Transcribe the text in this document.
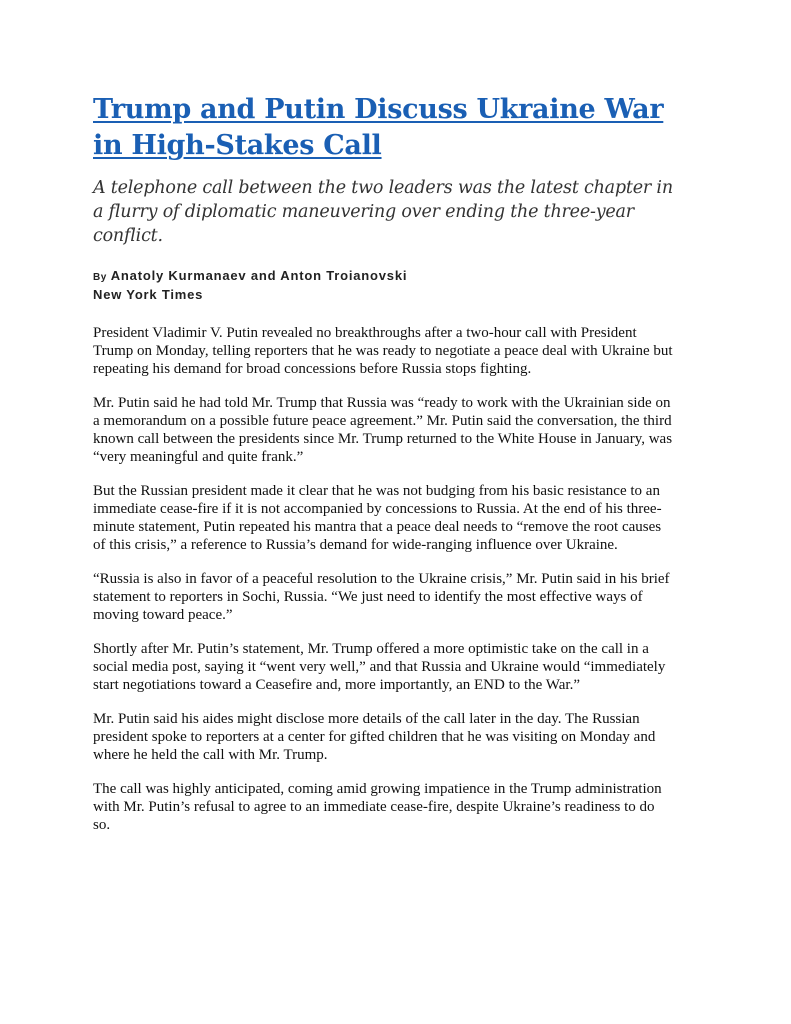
Trump and Putin Discuss Ukraine War in High-Stakes Call

A telephone call between the two leaders was the latest chapter in a flurry of diplomatic maneuvering over ending the three-year conflict.

By Anatoly Kurmanaev and Anton Troianovski
New York Times

President Vladimir V. Putin revealed no breakthroughs after a two-hour call with President Trump on Monday, telling reporters that he was ready to negotiate a peace deal with Ukraine but repeating his demand for broad concessions before Russia stops fighting.

Mr. Putin said he had told Mr. Trump that Russia was “ready to work with the Ukrainian side on a memorandum on a possible future peace agreement.” Mr. Putin said the conversation, the third known call between the presidents since Mr. Trump returned to the White House in January, was “very meaningful and quite frank.”

But the Russian president made it clear that he was not budging from his basic resistance to an immediate cease-fire if it is not accompanied by concessions to Russia. At the end of his three-minute statement, Putin repeated his mantra that a peace deal needs to “remove the root causes of this crisis,” a reference to Russia’s demand for wide-ranging influence over Ukraine.

“Russia is also in favor of a peaceful resolution to the Ukraine crisis,” Mr. Putin said in his brief statement to reporters in Sochi, Russia. “We just need to identify the most effective ways of moving toward peace.”

Shortly after Mr. Putin’s statement, Mr. Trump offered a more optimistic take on the call in a social media post, saying it “went very well,” and that Russia and Ukraine would “immediately start negotiations toward a Ceasefire and, more importantly, an END to the War.”

Mr. Putin said his aides might disclose more details of the call later in the day. The Russian president spoke to reporters at a center for gifted children that he was visiting on Monday and where he held the call with Mr. Trump.

The call was highly anticipated, coming amid growing impatience in the Trump administration with Mr. Putin’s refusal to agree to an immediate cease-fire, despite Ukraine’s readiness to do so.
